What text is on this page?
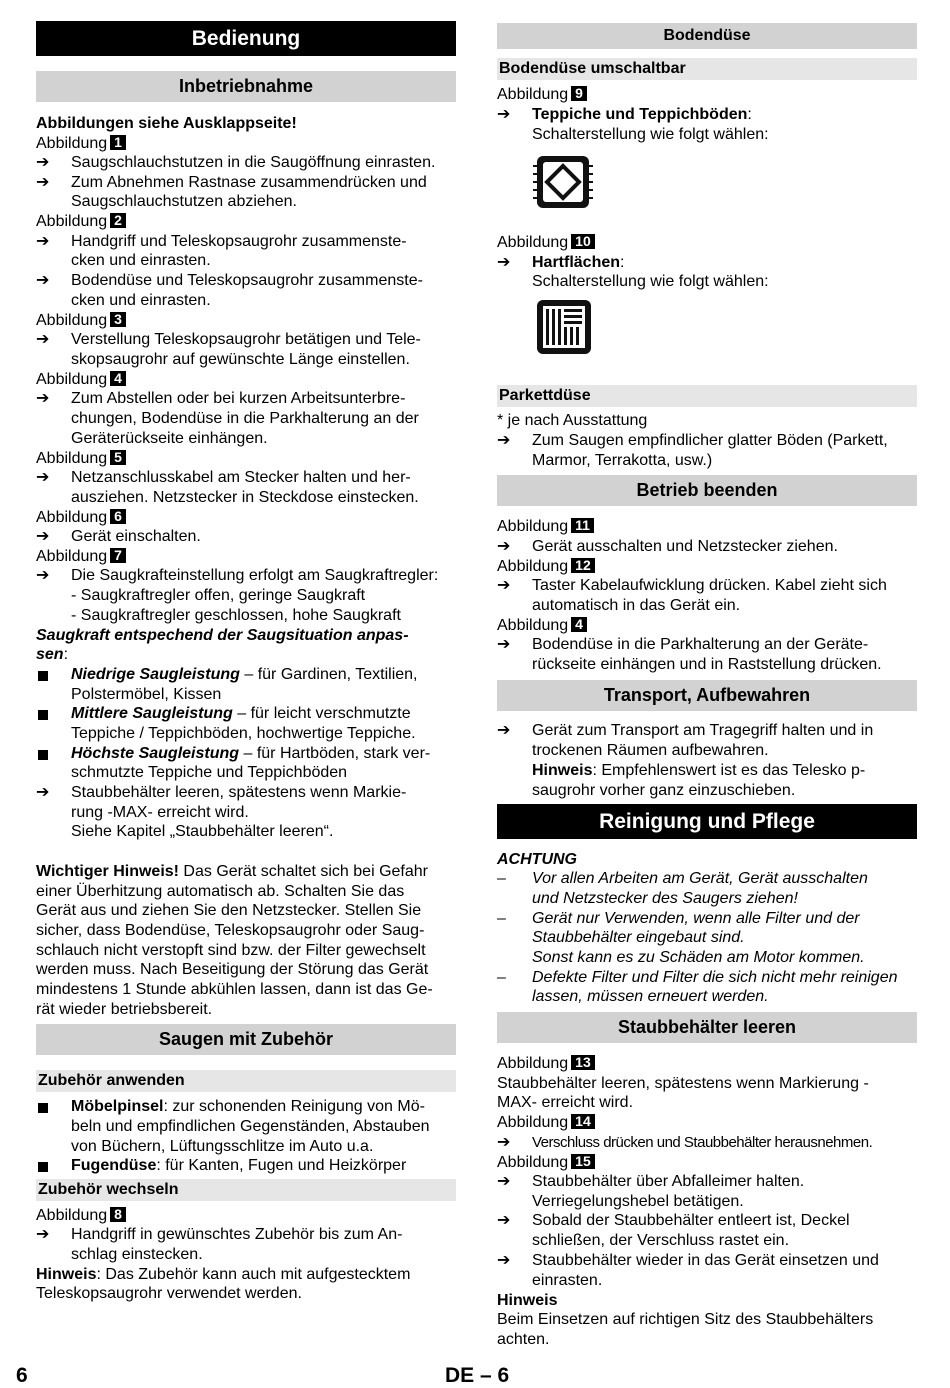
Bedienung
Inbetriebnahme
Abbildungen siehe Ausklappseite!
Abbildung 1
➔ Saugschlauchstutzen in die Saugöffnung einrasten.
➔ Zum Abnehmen Rastnase zusammendrücken und
Saugschlauchstutzen abziehen.
Abbildung 2
➔ Handgriff und Teleskopsaugrohr zusammenste-
cken und einrasten.
➔ Bodendüse und Teleskopsaugrohr zusammenste-
cken und einrasten.
Abbildung 3
➔ Verstellung Teleskopsaugrohr betätigen und Tele-
skopsaugrohr auf gewünschte Länge einstellen.
Abbildung 4
➔ Zum Abstellen oder bei kurzen Arbeitsunterbre-
chungen, Bodendüse in die Parkhalterung an der
Geräterückseite einhängen.
Abbildung 5
➔ Netzanschlusskabel am Stecker halten und her-
ausziehen. Netzstecker in Steckdose einstecken.
Abbildung 6
➔ Gerät einschalten.
Abbildung 7
➔ Die Saugkrafteinstellung erfolgt am Saugkraftregler:
- Saugkraftregler offen, geringe Saugkraft
- Saugkraftregler geschlossen, hohe Saugkraft
Saugkraft entspechend der Saugsituation anpas-
sen:
Niedrige Saugleistung – für Gardinen, Textilien,
Polstermöbel, Kissen
Mittlere Saugleistung – für leicht verschmutzte
Teppiche / Teppichböden, hochwertige Teppiche.
Höchste Saugleistung – für Hartböden, stark ver-
schmutzte Teppiche und Teppichböden
➔ Staubbehälter leeren, spätestens wenn Markie-
rung -MAX- erreicht wird.
Siehe Kapitel „Staubbehälter leeren“.
Wichtiger Hinweis! Das Gerät schaltet sich bei Gefahr
einer Überhitzung automatisch ab. Schalten Sie das
Gerät aus und ziehen Sie den Netzstecker. Stellen Sie
sicher, dass Bodendüse, Teleskopsaugrohr oder Saug-
schlauch nicht verstopft sind bzw. der Filter gewechselt
werden muss. Nach Beseitigung der Störung das Gerät
mindestens 1 Stunde abkühlen lassen, dann ist das Ge-
rät wieder betriebsbereit.
Saugen mit Zubehör
Zubehör anwenden
Möbelpinsel: zur schonenden Reinigung von Mö-
beln und empfindlichen Gegenständen, Abstauben
von Büchern, Lüftungsschlitze im Auto u.a.
Fugendüse: für Kanten, Fugen und Heizkörper
Zubehör wechseln
Abbildung 8
➔ Handgriff in gewünschtes Zubehör bis zum An-
schlag einstecken.
Hinweis: Das Zubehör kann auch mit aufgestecktem
Teleskopsaugrohr verwendet werden.
Bodendüse
Bodendüse umschaltbar
Abbildung 9
➔ Teppiche und Teppichböden:
Schalterstellung wie folgt wählen:
Abbildung 10
➔ Hartflächen:
Schalterstellung wie folgt wählen:
Parkettdüse
* je nach Ausstattung
➔ Zum Saugen empfindlicher glatter Böden (Parkett,
Marmor, Terrakotta, usw.)
Betrieb beenden
Abbildung 11
➔ Gerät ausschalten und Netzstecker ziehen.
Abbildung 12
➔ Taster Kabelaufwicklung drücken. Kabel zieht sich
automatisch in das Gerät ein.
Abbildung 4
➔ Bodendüse in die Parkhalterung an der Geräte-
rückseite einhängen und in Raststellung drücken.
Transport, Aufbewahren
➔ Gerät zum Transport am Tragegriff halten und in
trockenen Räumen aufbewahren.
Hinweis: Empfehlenswert ist es das Telesko p-
saugrohr vorher ganz einzuschieben.
Reinigung und Pflege
ACHTUNG
– Vor allen Arbeiten am Gerät, Gerät ausschalten
und Netzstecker des Saugers ziehen!
– Gerät nur Verwenden, wenn alle Filter und der
Staubbehälter eingebaut sind.
Sonst kann es zu Schäden am Motor kommen.
– Defekte Filter und Filter die sich nicht mehr reinigen
lassen, müssen erneuert werden.
Staubbehälter leeren
Abbildung 13
Staubbehälter leeren, spätestens wenn Markierung -
MAX- erreicht wird.
Abbildung 14
➔ Verschluss drücken und Staubbehälter herausnehmen.
Abbildung 15
➔ Staubbehälter über Abfalleimer halten.
Verriegelungshebel betätigen.
➔ Sobald der Staubbehälter entleert ist, Deckel
schließen, der Verschluss rastet ein.
➔ Staubbehälter wieder in das Gerät einsetzen und
einrasten.
Hinweis
Beim Einsetzen auf richtigen Sitz des Staubbehälters
achten.
6	DE – 6
